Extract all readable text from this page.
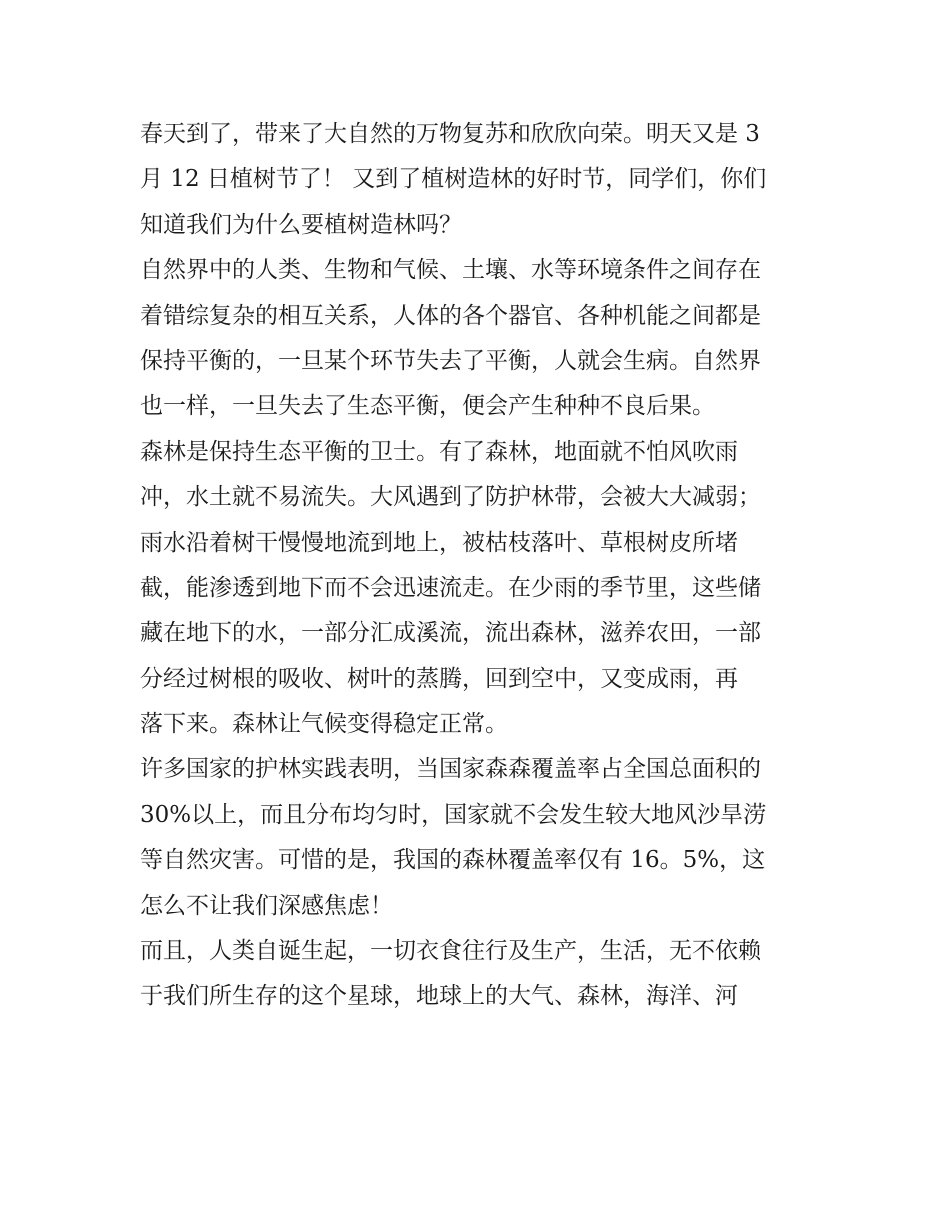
春天到了，带来了大自然的万物复苏和欣欣向荣。明天又是 3
月 12 日植树节了！ 又到了植树造林的好时节，同学们，你们
知道我们为什么要植树造林吗？
自然界中的人类、生物和气候、土壤、水等环境条件之间存在
着错综复杂的相互关系，人体的各个器官、各种机能之间都是
保持平衡的，一旦某个环节失去了平衡，人就会生病。自然界
也一样，一旦失去了生态平衡，便会产生种种不良后果。
森林是保持生态平衡的卫士。有了森林，地面就不怕风吹雨
冲，水土就不易流失。大风遇到了防护林带，会被大大减弱；
雨水沿着树干慢慢地流到地上，被枯枝落叶、草根树皮所堵
截，能渗透到地下而不会迅速流走。在少雨的季节里，这些储
藏在地下的水，一部分汇成溪流，流出森林，滋养农田，一部
分经过树根的吸收、树叶的蒸腾，回到空中，又变成雨，再
落下来。森林让气候变得稳定正常。
许多国家的护林实践表明，当国家森森覆盖率占全国总面积的
30%以上，而且分布均匀时，国家就不会发生较大地风沙旱涝
等自然灾害。可惜的是，我国的森林覆盖率仅有 16。5%，这
怎么不让我们深感焦虑！
而且，人类自诞生起，一切衣食往行及生产，生活，无不依赖
于我们所生存的这个星球，地球上的大气、森林，海洋、河
